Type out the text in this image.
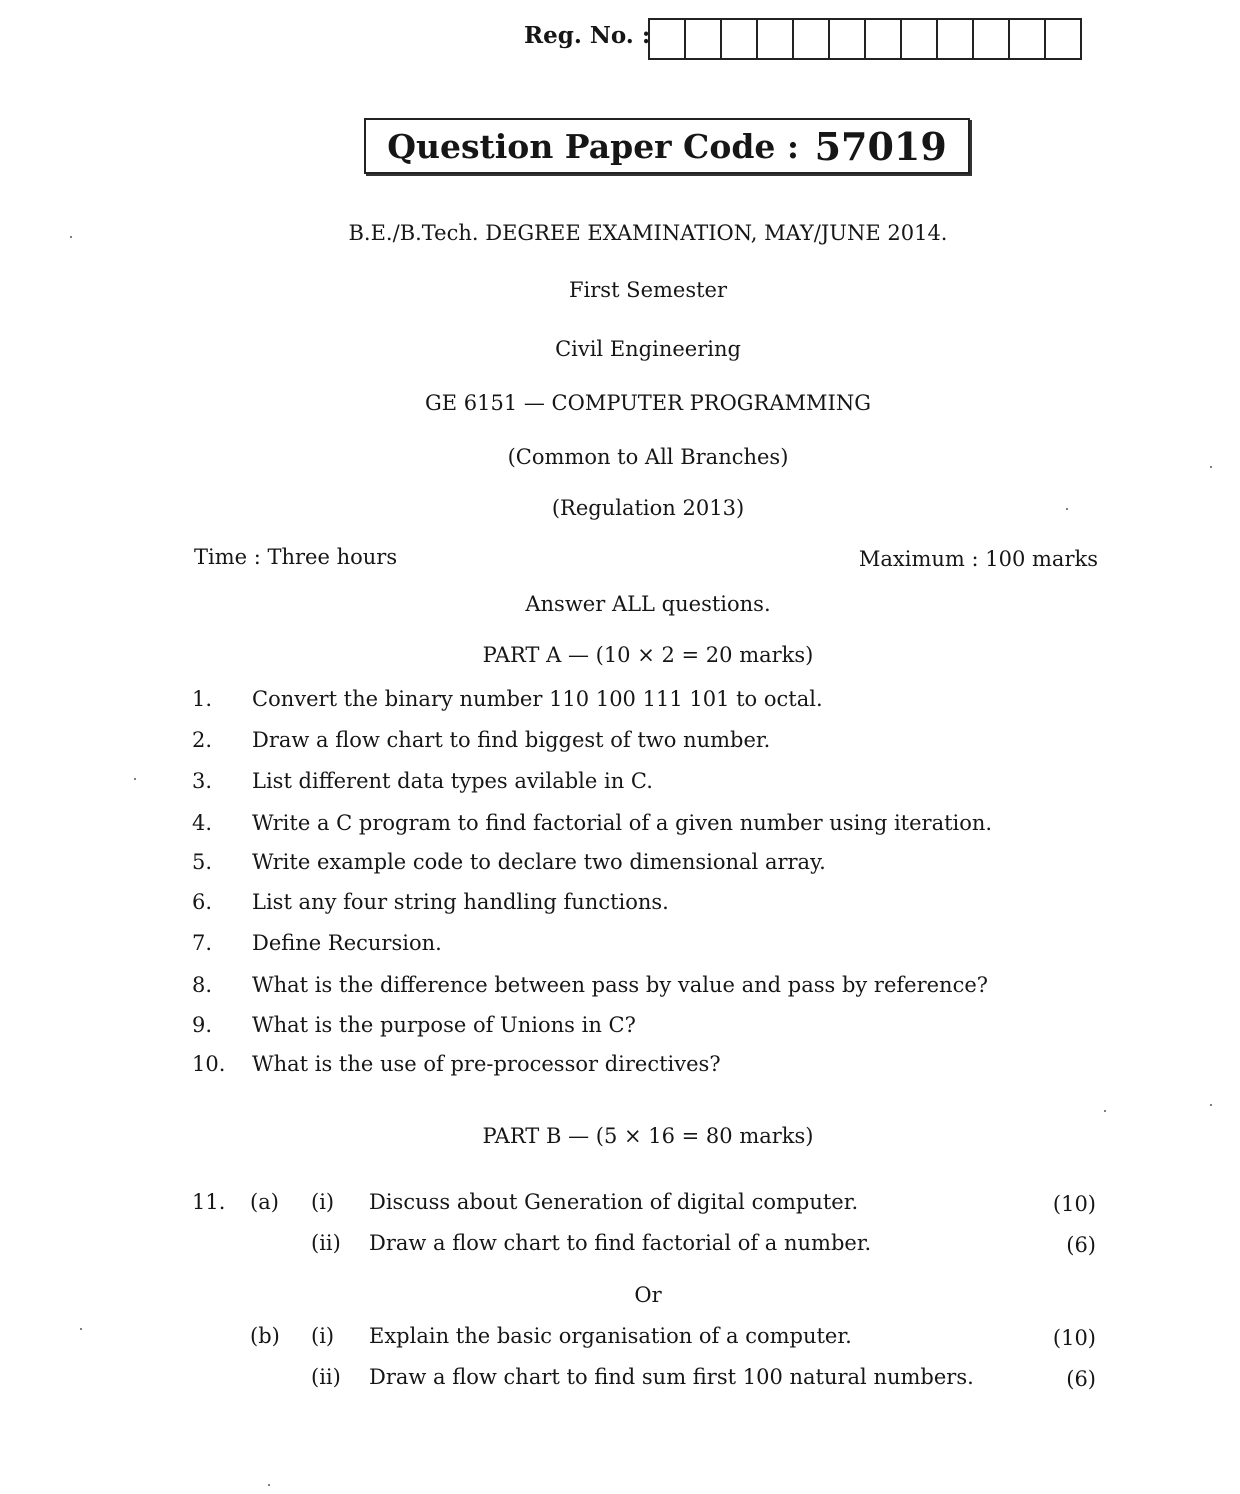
Reg. No. :
Question Paper Code :
57019
B.E./B.Tech. DEGREE EXAMINATION, MAY/JUNE 2014.
First Semester
Civil Engineering
GE 6151 — COMPUTER PROGRAMMING
(Common to All Branches)
(Regulation 2013)
Time : Three hours	Maximum : 100 marks
Answer ALL questions.
PART A — (10 × 2 = 20 marks)
1. Convert the binary number 110 100 111 101 to octal.
2. Draw a flow chart to find biggest of two number.
3. List different data types avilable in C.
4. Write a C program to find factorial of a given number using iteration.
5. Write example code to declare two dimensional array.
6. List any four string handling functions.
7. Define Recursion.
8. What is the difference between pass by value and pass by reference?
9. What is the purpose of Unions in C?
10. What is the use of pre-processor directives?
PART B — (5 × 16 = 80 marks)
11. (a) (i) Discuss about Generation of digital computer.	(10)
(ii) Draw a flow chart to find factorial of a number.	(6)
Or
(b) (i) Explain the basic organisation of a computer.	(10)
(ii) Draw a flow chart to find sum first 100 natural numbers.	(6)
